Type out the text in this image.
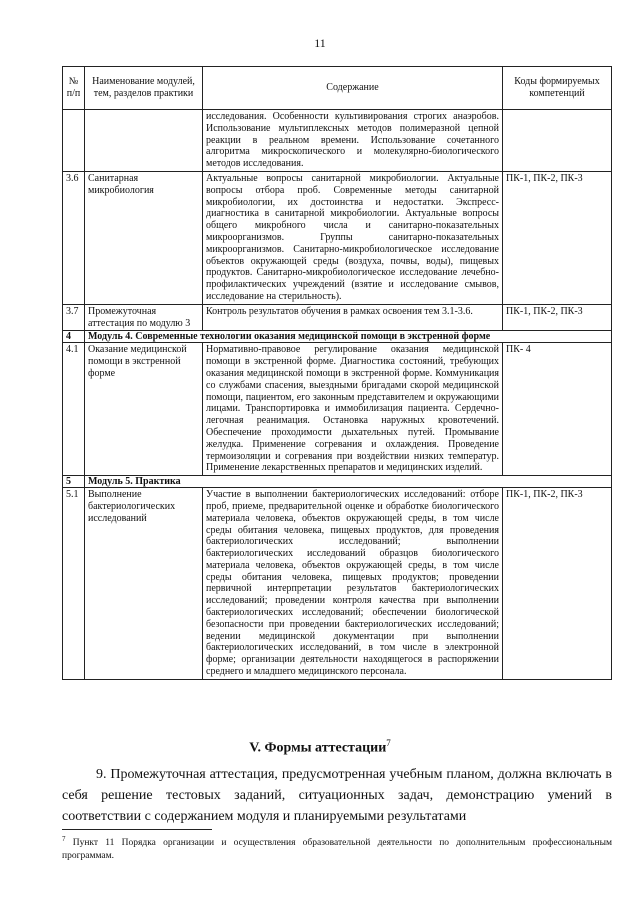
11
№ п/п	Наименование модулей, тем, разделов практики	Содержание	Коды формируемых компетенций
		исследования. Особенности культивирования строгих анаэробов. Использование мультиплексных методов полимеразной цепной реакции в реальном времени. Использование сочетанного алгоритма микроскопического и молекулярно-биологического методов исследования.	
3.6	Санитарная микробиология	Актуальные вопросы санитарной микробиологии. Актуальные вопросы отбора проб. Современные методы санитарной микробиологии, их достоинства и недостатки. Экспресс-диагностика в санитарной микробиологии. Актуальные вопросы общего микробного числа и санитарно-показательных микроорганизмов. Группы санитарно-показательных микроорганизмов. Санитарно-микробиологическое исследование объектов окружающей среды (воздуха, почвы, воды), пищевых продуктов. Санитарно-микробиологическое исследование лечебно-профилактических учреждений (взятие и исследование смывов, исследование на стерильность).	ПК-1, ПК-2, ПК-3
3.7	Промежуточная аттестация по модулю 3	Контроль результатов обучения в рамках освоения тем 3.1-3.6.	ПК-1, ПК-2, ПК-3
4	Модуль 4. Современные технологии оказания медицинской помощи в экстренной форме		
4.1	Оказание медицинской помощи в экстренной форме	Нормативно-правовое регулирование оказания медицинской помощи в экстренной форме. Диагностика состояний, требующих оказания медицинской помощи в экстренной форме. Коммуникация со службами спасения, выездными бригадами скорой медицинской помощи, пациентом, его законным представителем и окружающими лицами. Транспортировка и иммобилизация пациента. Сердечно-легочная реанимация. Остановка наружных кровотечений. Обеспечение проходимости дыхательных путей. Промывание желудка. Применение согревания и охлаждения. Проведение термоизоляции и согревания при воздействии низких температур. Применение лекарственных препаратов и медицинских изделий.	ПК- 4
5	Модуль 5. Практика		
5.1	Выполнение бактериологических исследований	Участие в выполнении бактериологических исследований: отборе проб, приеме, предварительной оценке и обработке биологического материала человека, объектов окружающей среды, в том числе среды обитания человека, пищевых продуктов, для проведения бактериологических исследований; выполнении бактериологических исследований образцов биологического материала человека, объектов окружающей среды, в том числе среды обитания человека, пищевых продуктов; проведении первичной интерпретации результатов бактериологических исследований; проведении контроля качества при выполнении бактериологических исследований; обеспечении биологической безопасности при проведении бактериологических исследований; ведении медицинской документации при выполнении бактериологических исследований, в том числе в электронной форме; организации деятельности находящегося в распоряжении среднего и младшего медицинского персонала.	ПК-1, ПК-2, ПК-3
V. Формы аттестации$^7$

9. Промежуточная аттестация, предусмотренная учебным планом, должна включать в себя решение тестовых заданий, ситуационных задач, демонстрацию умений в соответствии с содержанием модуля и планируемыми результатами

$^7$ Пункт 11 Порядка организации и осуществления образовательной деятельности по дополнительным профессиональным программам.
